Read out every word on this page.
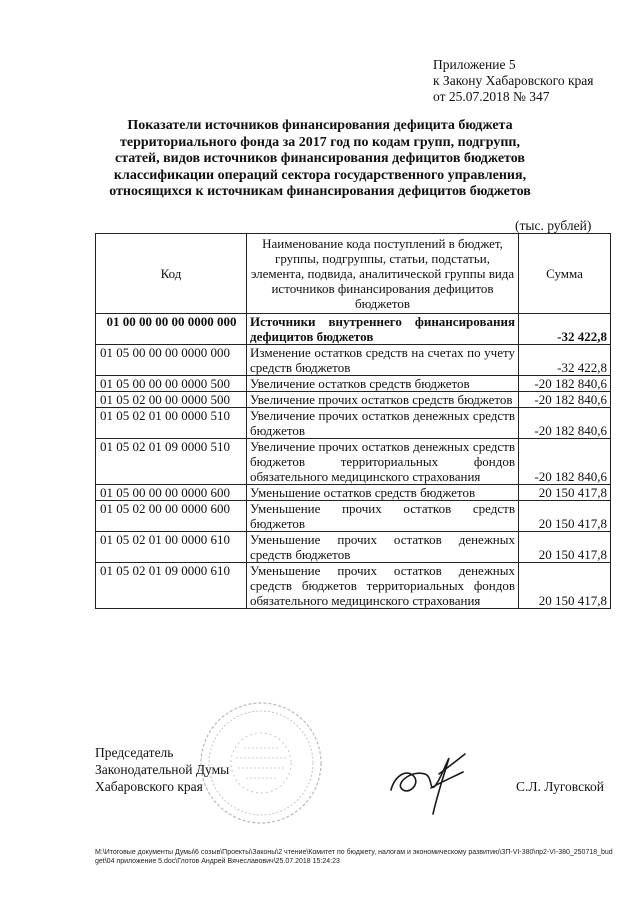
Приложение 5
к Закону Хабаровского края
от 25.07.2018 № 347
Показатели источников финансирования дефицита бюджета территориального фонда за 2017 год по кодам групп, подгрупп, статей, видов источников финансирования дефицитов бюджетов классификации операций сектора государственного управления, относящихся к источникам финансирования дефицитов бюджетов
(тыс. рублей)
Код	Наименование кода поступлений в бюджет, группы, подгруппы, статьи, подстатьи, элемента, подвида, аналитической группы вида источников финансирования дефицитов бюджетов	Сумма
01 00 00 00 00 0000 000	Источники внутреннего финансирования дефицитов бюджетов	-32 422,8
01 05 00 00 00 0000 000	Изменение остатков средств на счетах по учету средств бюджетов	-32 422,8
01 05 00 00 00 0000 500	Увеличение остатков средств бюджетов	-20 182 840,6
01 05 02 00 00 0000 500	Увеличение прочих остатков средств бюджетов	-20 182 840,6
01 05 02 01 00 0000 510	Увеличение прочих остатков денежных средств бюджетов	-20 182 840,6
01 05 02 01 09 0000 510	Увеличение прочих остатков денежных средств бюджетов территориальных фондов обязательного медицинского страхования	-20 182 840,6
01 05 00 00 00 0000 600	Уменьшение остатков средств бюджетов	20 150 417,8
01 05 02 00 00 0000 600	Уменьшение прочих остатков средств бюджетов	20 150 417,8
01 05 02 01 00 0000 610	Уменьшение прочих остатков денежных средств бюджетов	20 150 417,8
01 05 02 01 09 0000 610	Уменьшение прочих остатков денежных средств бюджетов территориальных фондов обязательного медицинского страхования	20 150 417,8
Председатель
Законодательной Думы
Хабаровского края	С.Л. Луговской
М:\Итоговые документы Думы\6 созыв\Проекты\Законы\2 чтение\Комитет по бюджету, налогам и экономическому развитию\ЗП-VI-380\пр2-VI-380_250718_budget\04 приложение 5.doc\Глотов Андрей Вячеславович\25.07.2018 15:24:23
